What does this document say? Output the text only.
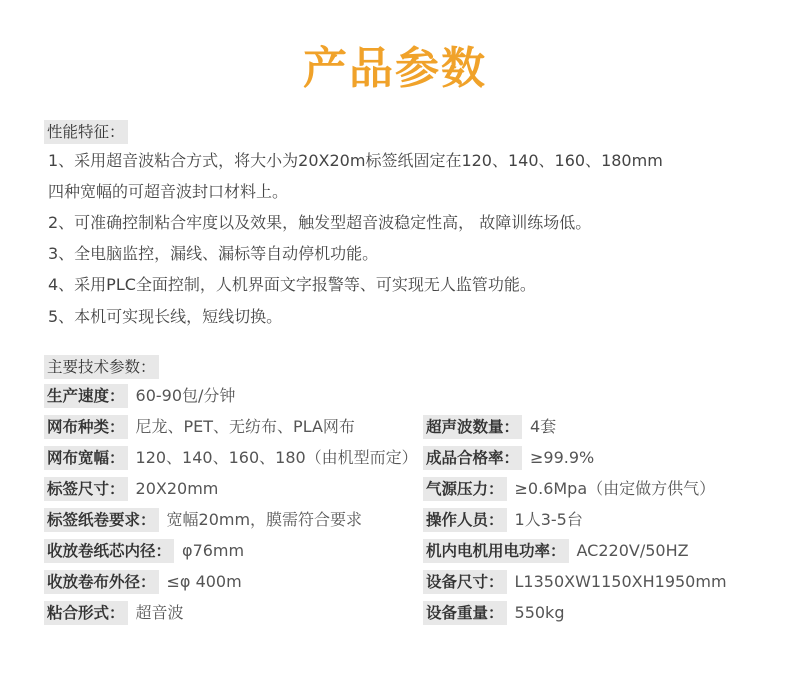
产品参数
性能特征：
1、采用超音波粘合方式，将大小为20X20m标签纸固定在120、140、160、180mm
四种宽幅的可超音波封口材料上。
2、可准确控制粘合牢度以及效果，触发型超音波稳定性高， 故障训练场低。
3、全电脑监控，漏线、漏标等自动停机功能。
4、采用PLC全面控制，人机界面文字报警等、可实现无人监管功能。
5、本机可实现长线，短线切换。
主要技术参数：
生产速度： 60-90包/分钟
网布种类： 尼龙、PET、无纺布、PLA网布
网布宽幅： 120、140、160、180（由机型而定）
标签尺寸： 20X20mm
标签纸卷要求： 宽幅20mm，膜需符合要求
收放卷纸芯内径： φ76mm
收放卷布外径： ≤φ 400m
粘合形式： 超音波
超声波数量： 4套
成品合格率： ≥99.9%
气源压力： ≥0.6Mpa（由定做方供气）
操作人员： 1人3-5台
机内电机用电功率： AC220V/50HZ
设备尺寸： L1350XW1150XH1950mm
设备重量： 550kg
